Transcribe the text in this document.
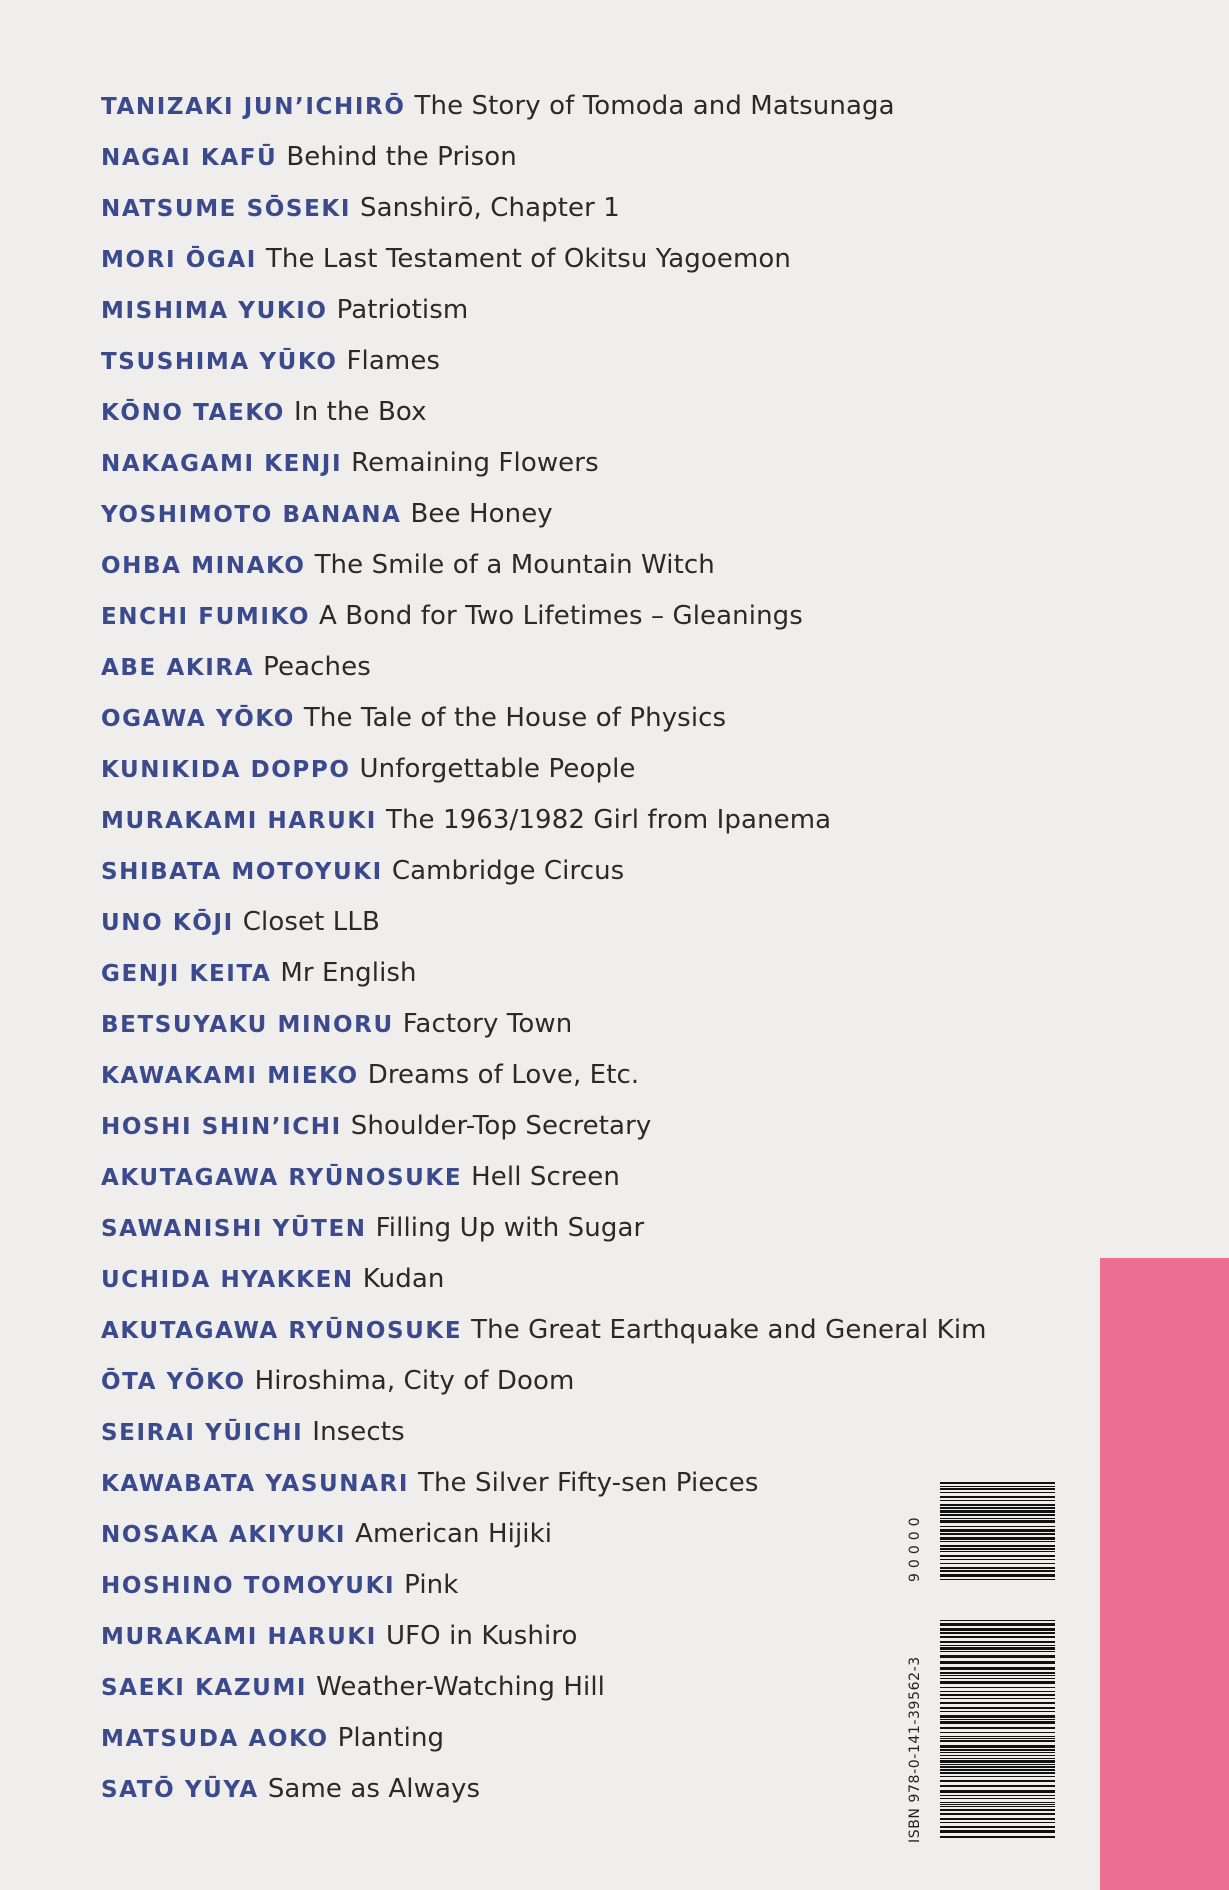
TANIZAKI JUN’ICHIRŌ The Story of Tomoda and Matsunaga
NAGAI KAFŪ Behind the Prison
NATSUME SŌSEKI Sanshirō, Chapter 1
MORI ŌGAI The Last Testament of Okitsu Yagoemon
MISHIMA YUKIO Patriotism
TSUSHIMA YŪKO Flames
KŌNO TAEKO In the Box
NAKAGAMI KENJI Remaining Flowers
YOSHIMOTO BANANA Bee Honey
OHBA MINAKO The Smile of a Mountain Witch
ENCHI FUMIKO A Bond for Two Lifetimes – Gleanings
ABE AKIRA Peaches
OGAWA YŌKO The Tale of the House of Physics
KUNIKIDA DOPPO Unforgettable People
MURAKAMI HARUKI The 1963/1982 Girl from Ipanema
SHIBATA MOTOYUKI Cambridge Circus
UNO KŌJI Closet LLB
GENJI KEITA Mr English
BETSUYAKU MINORU Factory Town
KAWAKAMI MIEKO Dreams of Love, Etc.
HOSHI SHIN’ICHI Shoulder-Top Secretary
AKUTAGAWA RYŪNOSUKE Hell Screen
SAWANISHI YŪTEN Filling Up with Sugar
UCHIDA HYAKKEN Kudan
AKUTAGAWA RYŪNOSUKE The Great Earthquake and General Kim
ŌTA YŌKO Hiroshima, City of Doom
SEIRAI YŪICHI Insects
KAWABATA YASUNARI The Silver Fifty-sen Pieces
NOSAKA AKIYUKI American Hijiki
HOSHINO TOMOYUKI Pink
MURAKAMI HARUKI UFO in Kushiro
SAEKI KAZUMI Weather-Watching Hill
MATSUDA AOKO Planting
SATŌ YŪYA Same as Always
90000
ISBN 978-0-141-39562-3
